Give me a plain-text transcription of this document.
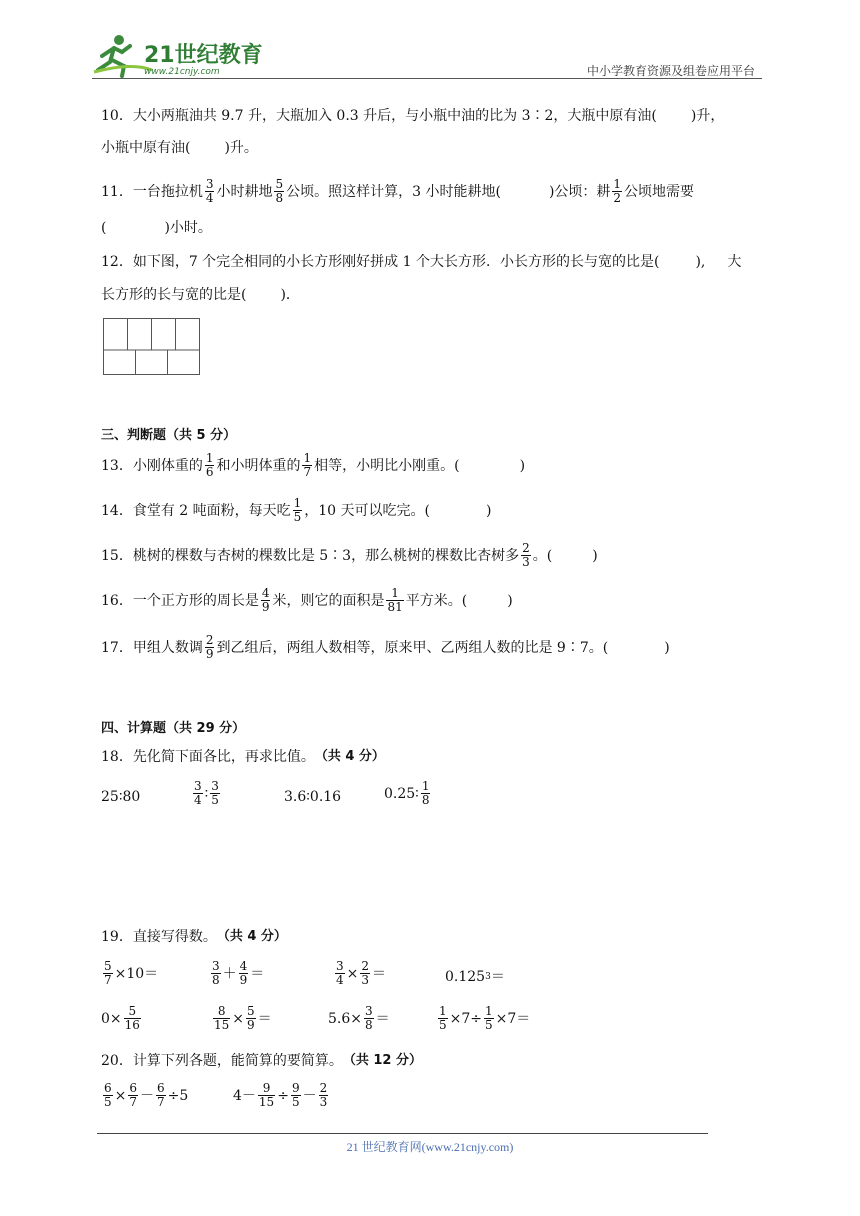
21世纪教育
www.21cnjy.com	中小学教育资源及组卷应用平台
10．大小两瓶油共 9.7 升，大瓶加入 0.3 升后，与小瓶中油的比为 3∶2，大瓶中原有油( )升，
小瓶中原有油( )升。
11．一台拖拉机 $\frac{3}{4}$ 小时耕地 $\frac{5}{8}$ 公顷。照这样计算，3 小时能耕地(	)公顷：耕 $\frac{1}{2}$ 公顷地需要
(	)小时。
12．如下图，7 个完全相同的小长方形刚好拼成 1 个大长方形．小长方形的长与宽的比是(	), 大
长方形的长与宽的比是( )．
三、判断题（共 5 分）
13．小刚体重的 $\frac{1}{6}$ 和小明体重的 $\frac{1}{7}$ 相等，小明比小刚重。(	)
14．食堂有 2 吨面粉，每天吃 $\frac{1}{5}$ ，10 天可以吃完。(	)
15．桃树的棵数与杏树的棵数比是 5∶3，那么桃树的棵数比杏树多 $\frac{2}{3}$ 。(	)
16．一个正方形的周长是 $\frac{4}{9}$ 米，则它的面积是 $\frac{1}{81}$ 平方米。(	)
17．甲组人数调 $\frac{2}{9}$ 到乙组后，两组人数相等，原来甲、乙两组人数的比是 9∶7。(	)
四、计算题（共 29 分）
18．先化简下面各比，再求比值。 （共 4 分）
25∶80	$\frac{3}{4}$ ∶ $\frac{3}{5}$	3.6∶0.16	0.25∶ $\frac{1}{8}$
19．直接写得数。 （共 4 分）
$\frac{5}{7} \times 10=$	$\frac{3}{8} + \frac{4}{9}$ ＝	$\frac{3}{4} \times \frac{2}{3}$ ＝	0.125 3 ＝
$0\times \frac{5}{16}$	$\frac{8}{15} \times \frac{5}{9}$ ＝	$5.6\times \frac{3}{8}$ ＝	$\frac{1}{5} \times 7\div \frac{1}{5} \times 7=$
20．计算下列各题，能简算的要简算。 （共 12 分）
$\frac{6}{5} \times \frac{6}{7} - \frac{6}{7} \div 5$	$4- \frac{9}{15} \div \frac{9}{5} - \frac{2}{3}$
21 世纪教育网(www.21cnjy.com)
